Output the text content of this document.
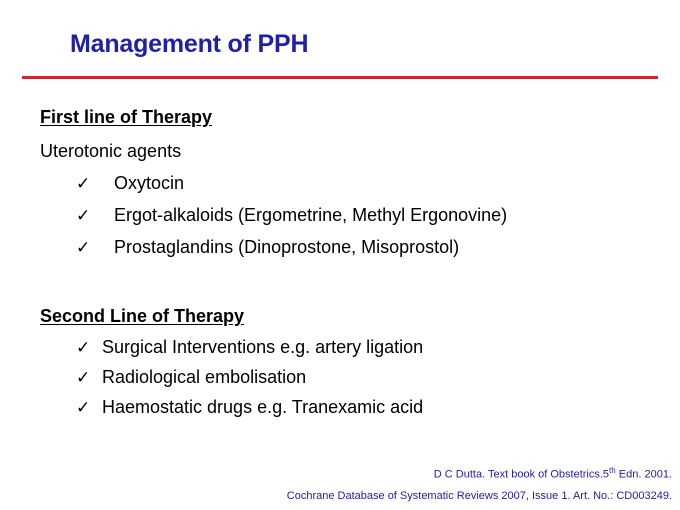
Management of PPH
First line of Therapy
Uterotonic agents
✓ Oxytocin
✓ Ergot-alkaloids (Ergometrine, Methyl Ergonovine)
✓ Prostaglandins (Dinoprostone, Misoprostol)
Second Line of Therapy
✓ Surgical Interventions e.g. artery ligation
✓ Radiological embolisation
✓ Haemostatic drugs e.g. Tranexamic acid
D C Dutta. Text book of Obstetrics.5th Edn. 2001.
Cochrane Database of Systematic Reviews 2007, Issue 1. Art. No.: CD003249.
